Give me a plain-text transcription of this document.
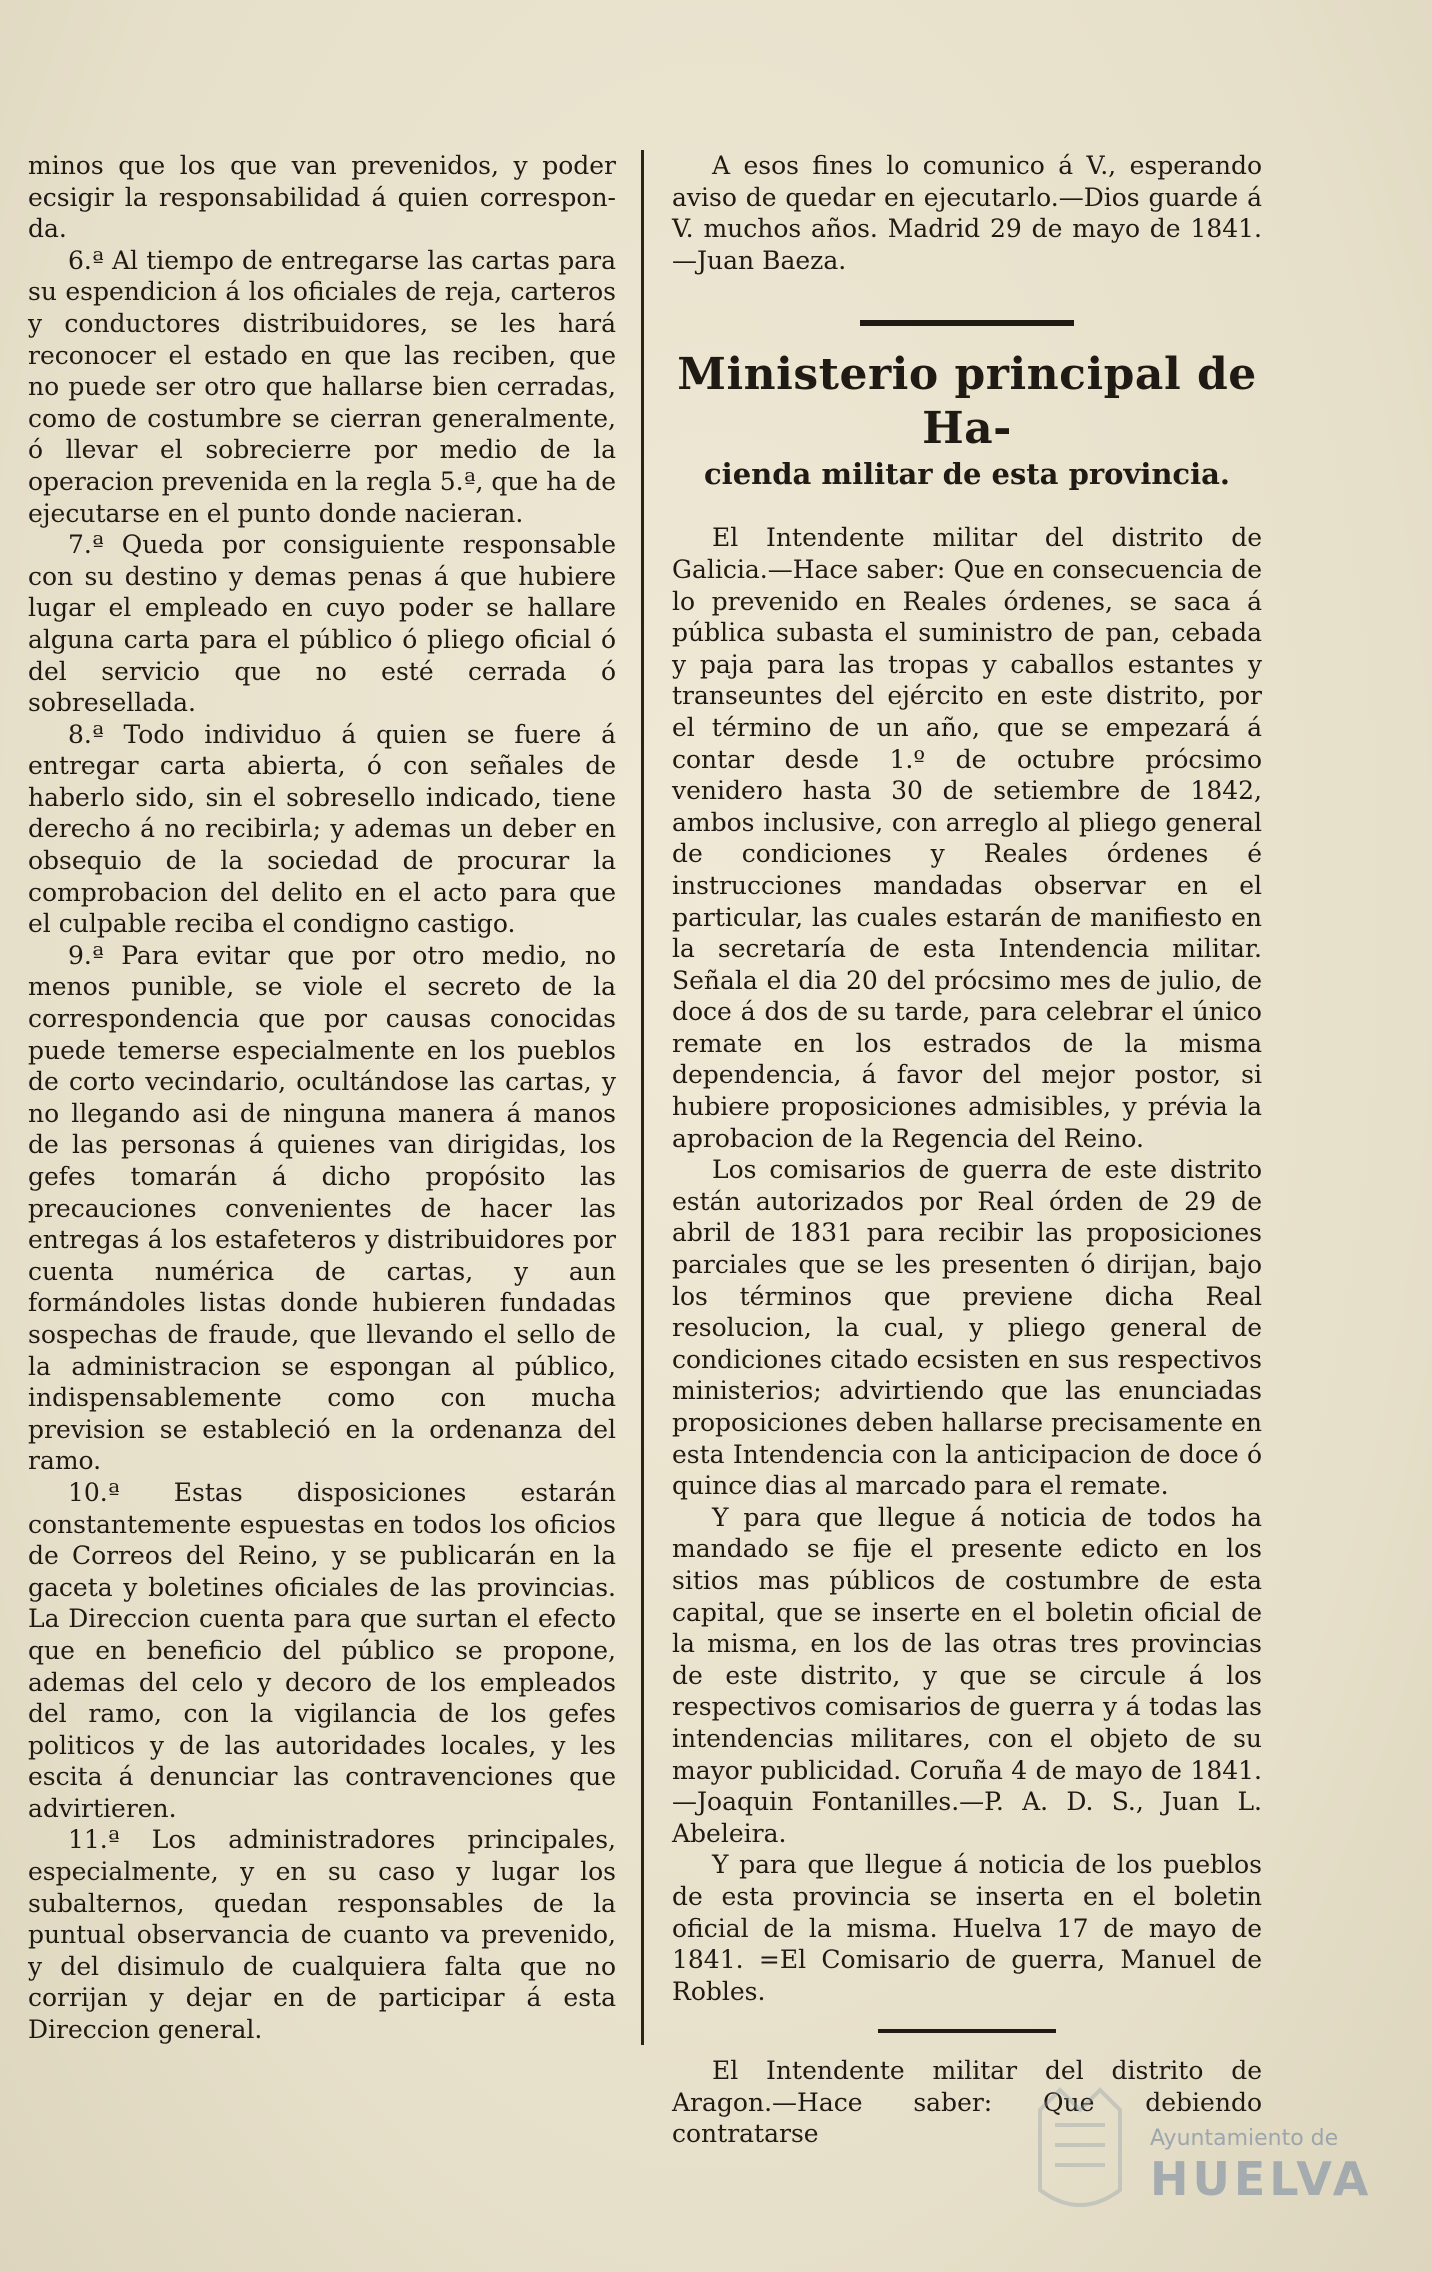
minos que los que van prevenidos, y poder ecsigir la responsabilidad á quien correspon-da.

6.ª Al tiempo de entregarse las cartas para su espendicion á los oficiales de reja, carteros y conductores distribuidores, se les hará reconocer el estado en que las reciben, que no puede ser otro que hallarse bien cerradas, como de costumbre se cierran generalmente, ó llevar el sobrecierre por medio de la operacion prevenida en la regla 5.ª, que ha de ejecutarse en el punto donde nacieran.

7.ª Queda por consiguiente responsable con su destino y demas penas á que hubiere lugar el empleado en cuyo poder se hallare alguna carta para el público ó pliego oficial ó del servicio que no esté cerrada ó sobresellada.

8.ª Todo individuo á quien se fuere á entregar carta abierta, ó con señales de haberlo sido, sin el sobresello indicado, tiene derecho á no recibirla; y ademas un deber en obsequio de la sociedad de procurar la comprobacion del delito en el acto para que el culpable reciba el condigno castigo.

9.ª Para evitar que por otro medio, no menos punible, se viole el secreto de la correspondencia que por causas conocidas puede temerse especialmente en los pueblos de corto vecindario, ocultándose las cartas, y no llegando asi de ninguna manera á manos de las personas á quienes van dirigidas, los gefes tomarán á dicho propósito las precauciones convenientes de hacer las entregas á los estafeteros y distribuidores por cuenta numérica de cartas, y aun formándoles listas donde hubieren fundadas sospechas de fraude, que llevando el sello de la administracion se espongan al público, indispensablemente como con mucha prevision se estableció en la ordenanza del ramo.

10.ª Estas disposiciones estarán constantemente espuestas en todos los oficios de Correos del Reino, y se publicarán en la gaceta y boletines oficiales de las provincias. La Direccion cuenta para que surtan el efecto que en beneficio del público se propone, ademas del celo y decoro de los empleados del ramo, con la vigilancia de los gefes politicos y de las autoridades locales, y les escita á denunciar las contravenciones que advirtieren.

11.ª Los administradores principales, especialmente, y en su caso y lugar los subalternos, quedan responsables de la puntual observancia de cuanto va prevenido, y del disimulo de cualquiera falta que no corrijan y dejar en de participar á esta Direccion general.

A esos fines lo comunico á V., esperando aviso de quedar en ejecutarlo.—Dios guarde á V. muchos años. Madrid 29 de mayo de 1841.—Juan Baeza.

Ministerio principal de Ha-
cienda militar de esta provincia.

El Intendente militar del distrito de Galicia.—Hace saber: Que en consecuencia de lo prevenido en Reales órdenes, se saca á pública subasta el suministro de pan, cebada y paja para las tropas y caballos estantes y transeuntes del ejército en este distrito, por el término de un año, que se empezará á contar desde 1.º de octubre prócsimo venidero hasta 30 de setiembre de 1842, ambos inclusive, con arreglo al pliego general de condiciones y Reales órdenes é instrucciones mandadas observar en el particular, las cuales estarán de manifiesto en la secretaría de esta Intendencia militar. Señala el dia 20 del prócsimo mes de julio, de doce á dos de su tarde, para celebrar el único remate en los estrados de la misma dependencia, á favor del mejor postor, si hubiere proposiciones admisibles, y prévia la aprobacion de la Regencia del Reino.

Los comisarios de guerra de este distrito están autorizados por Real órden de 29 de abril de 1831 para recibir las proposiciones parciales que se les presenten ó dirijan, bajo los términos que previene dicha Real resolucion, la cual, y pliego general de condiciones citado ecsisten en sus respectivos ministerios; advirtiendo que las enunciadas proposiciones deben hallarse precisamente en esta Intendencia con la anticipacion de doce ó quince dias al marcado para el remate.

Y para que llegue á noticia de todos ha mandado se fije el presente edicto en los sitios mas públicos de costumbre de esta capital, que se inserte en el boletin oficial de la misma, en los de las otras tres provincias de este distrito, y que se circule á los respectivos comisarios de guerra y á todas las intendencias militares, con el objeto de su mayor publicidad. Coruña 4 de mayo de 1841.—Joaquin Fontanilles.—P. A. D. S., Juan L. Abeleira.

Y para que llegue á noticia de los pueblos de esta provincia se inserta en el boletin oficial de la misma. Huelva 17 de mayo de 1841. =El Comisario de guerra, Manuel de Robles.

El Intendente militar del distrito de Aragon.—Hace saber: Que debiendo contratarse	Ayuntamiento de
HUELVA
